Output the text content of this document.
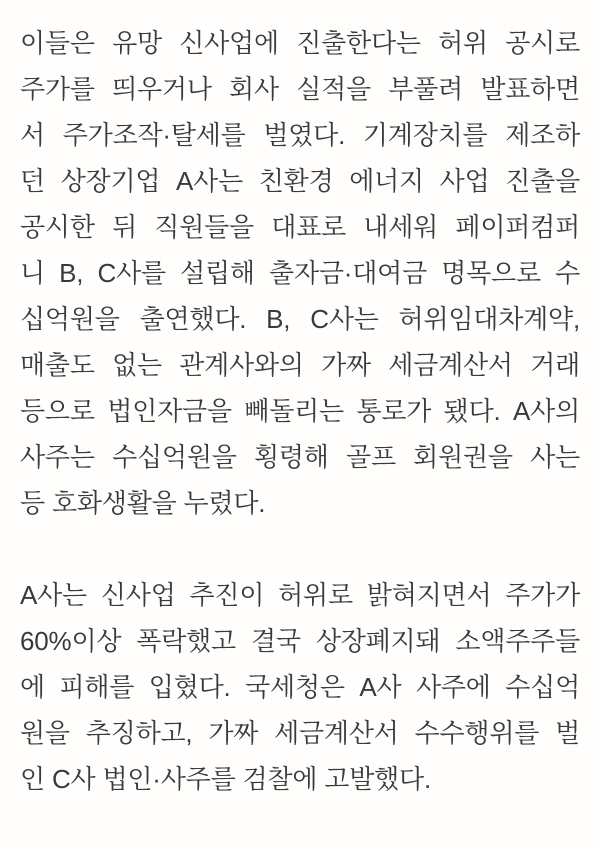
이들은 유망 신사업에 진출한다는 허위 공시로
주가를 띄우거나 회사 실적을 부풀려 발표하면
서 주가조작·탈세를 벌였다. 기계장치를 제조하
던 상장기업 A사는 친환경 에너지 사업 진출을
공시한 뒤 직원들을 대표로 내세워 페이퍼컴퍼
니 B, C사를 설립해 출자금·대여금 명목으로 수
십억원을 출연했다. B, C사는 허위임대차계약,
매출도 없는 관계사와의 가짜 세금계산서 거래
등으로 법인자금을 빼돌리는 통로가 됐다. A사의
사주는 수십억원을 횡령해 골프 회원권을 사는
등 호화생활을 누렸다.
A사는 신사업 추진이 허위로 밝혀지면서 주가가
60%이상 폭락했고 결국 상장폐지돼 소액주주들
에 피해를 입혔다. 국세청은 A사 사주에 수십억
원을 추징하고, 가짜 세금계산서 수수행위를 벌
인 C사 법인·사주를 검찰에 고발했다.
